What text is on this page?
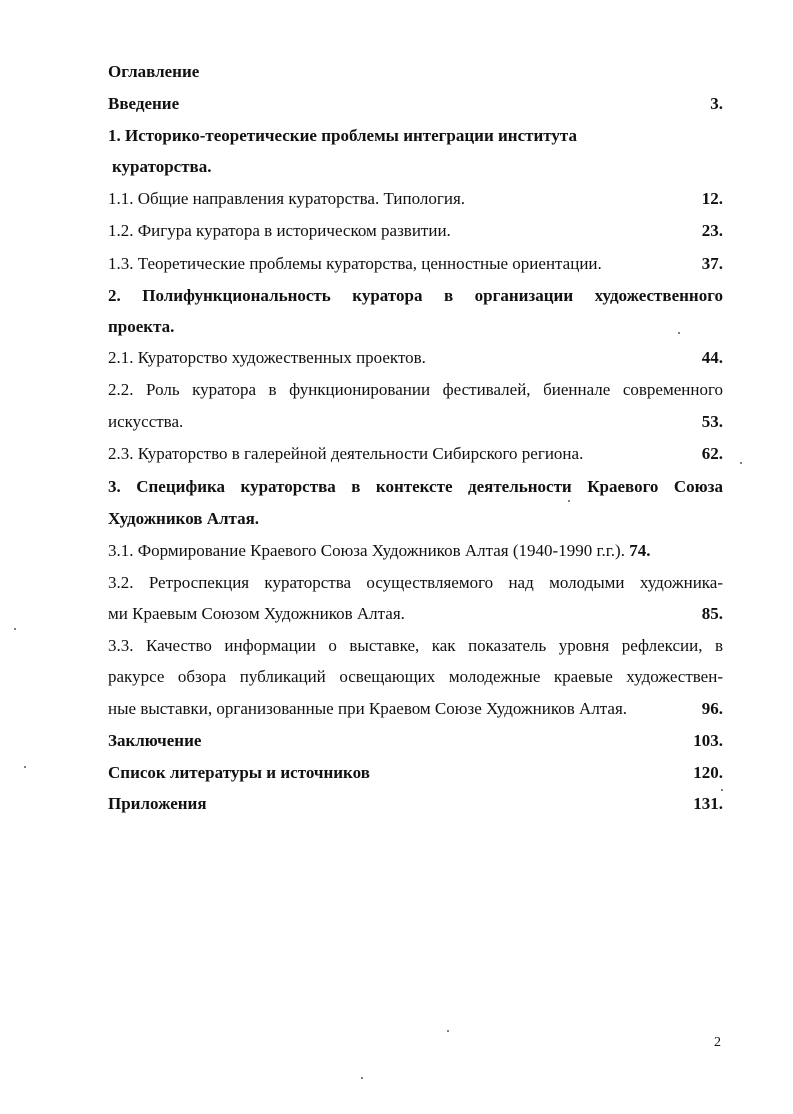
Оглавление
Введение	3.
1. Историко-теоретические проблемы интеграции института
кураторства.
1.1. Общие направления кураторства. Типология.	12.
1.2. Фигура куратора в историческом развитии.	23.
1.3. Теоретические проблемы кураторства, ценностные ориентации.	37.
2. Полифункциональность куратора в организации художественного
проекта.
2.1. Кураторство художественных проектов.	44.
2.2. Роль куратора в функционировании фестивалей, биеннале современного
искусства.	53.
2.3. Кураторство в галерейной деятельности Сибирского региона.	62.
3. Специфика кураторства в контексте деятельности Краевого Союза
Художников Алтая.
3.1. Формирование Краевого Союза Художников Алтая (1940-1990 г.г.). 74.
3.2. Ретроспекция кураторства осуществляемого над молодыми художника-
ми Краевым Союзом Художников Алтая.	85.
3.3. Качество информации о выставке, как показатель уровня рефлексии, в
ракурсе обзора публикаций освещающих молодежные краевые художествен-
ные выставки, организованные при Краевом Союзе Художников Алтая.	96.
Заключение	103.
Список литературы и источников	120.
Приложения	131.
2
